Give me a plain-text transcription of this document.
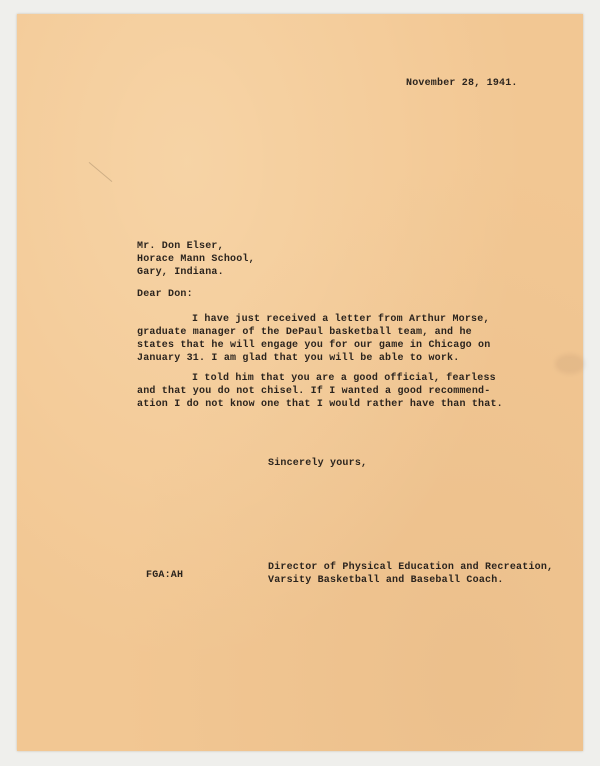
November 28, 1941.
Mr. Don Elser,
Horace Mann School,
Gary, Indiana.
Dear Don:
I have just received a letter from Arthur Morse,
graduate manager of the DePaul basketball team, and he
states that he will engage you for our game in Chicago on
January 31. I am glad that you will be able to work.
I told him that you are a good official, fearless
and that you do not chisel. If I wanted a good recommend-
ation I do not know one that I would rather have than that.
Sincerely yours,
FGA:AH
Director of Physical Education and Recreation,
Varsity Basketball and Baseball Coach.
